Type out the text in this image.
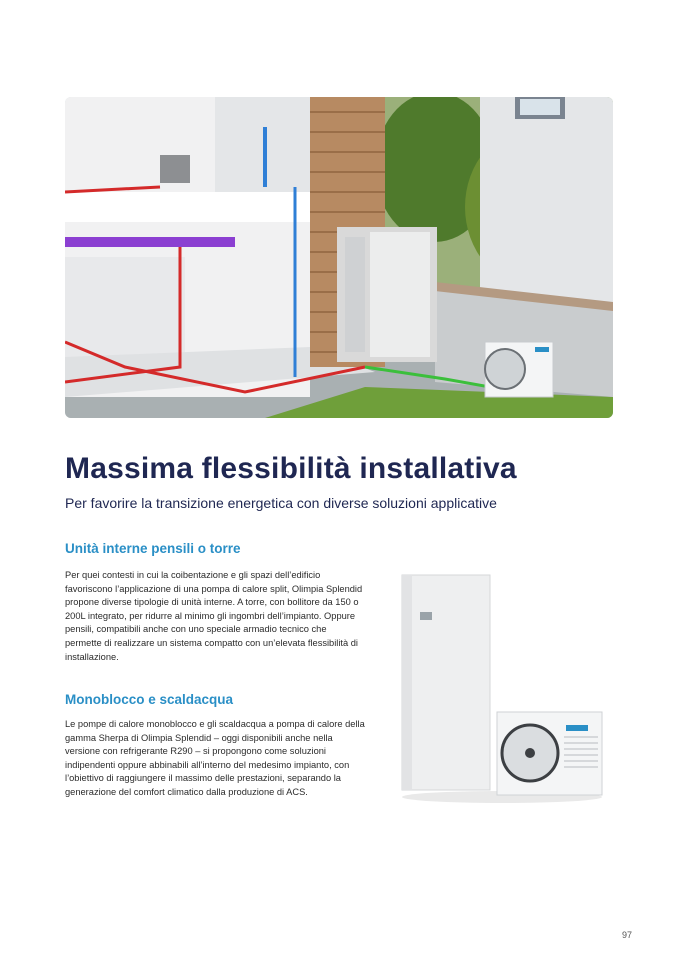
Massima flessibilità installativa

Per favorire la transizione energetica con diverse soluzioni applicative

Unità interne pensili o torre

Per quei contesti in cui la coibentazione e gli spazi dell’edificio favoriscono l’applicazione di una pompa di calore split, Olimpia Splendid propone diverse tipologie di unità interne. A torre, con bollitore da 150 o 200L integrato, per ridurre al minimo gli ingombri dell’impianto. Oppure pensili, compatibili anche con uno speciale armadio tecnico che permette di realizzare un sistema compatto con un’elevata flessibilità di installazione.

Monoblocco e scaldacqua

Le pompe di calore monoblocco e gli scaldacqua a pompa di calore della gamma Sherpa di Olimpia Splendid – oggi disponibili anche nella versione con refrigerante R290 – si propongono come soluzioni indipendenti oppure abbinabili all’interno del medesimo impianto, con l’obiettivo di raggiungere il massimo delle prestazioni, separando la generazione del comfort climatico dalla produzione di ACS.

97
